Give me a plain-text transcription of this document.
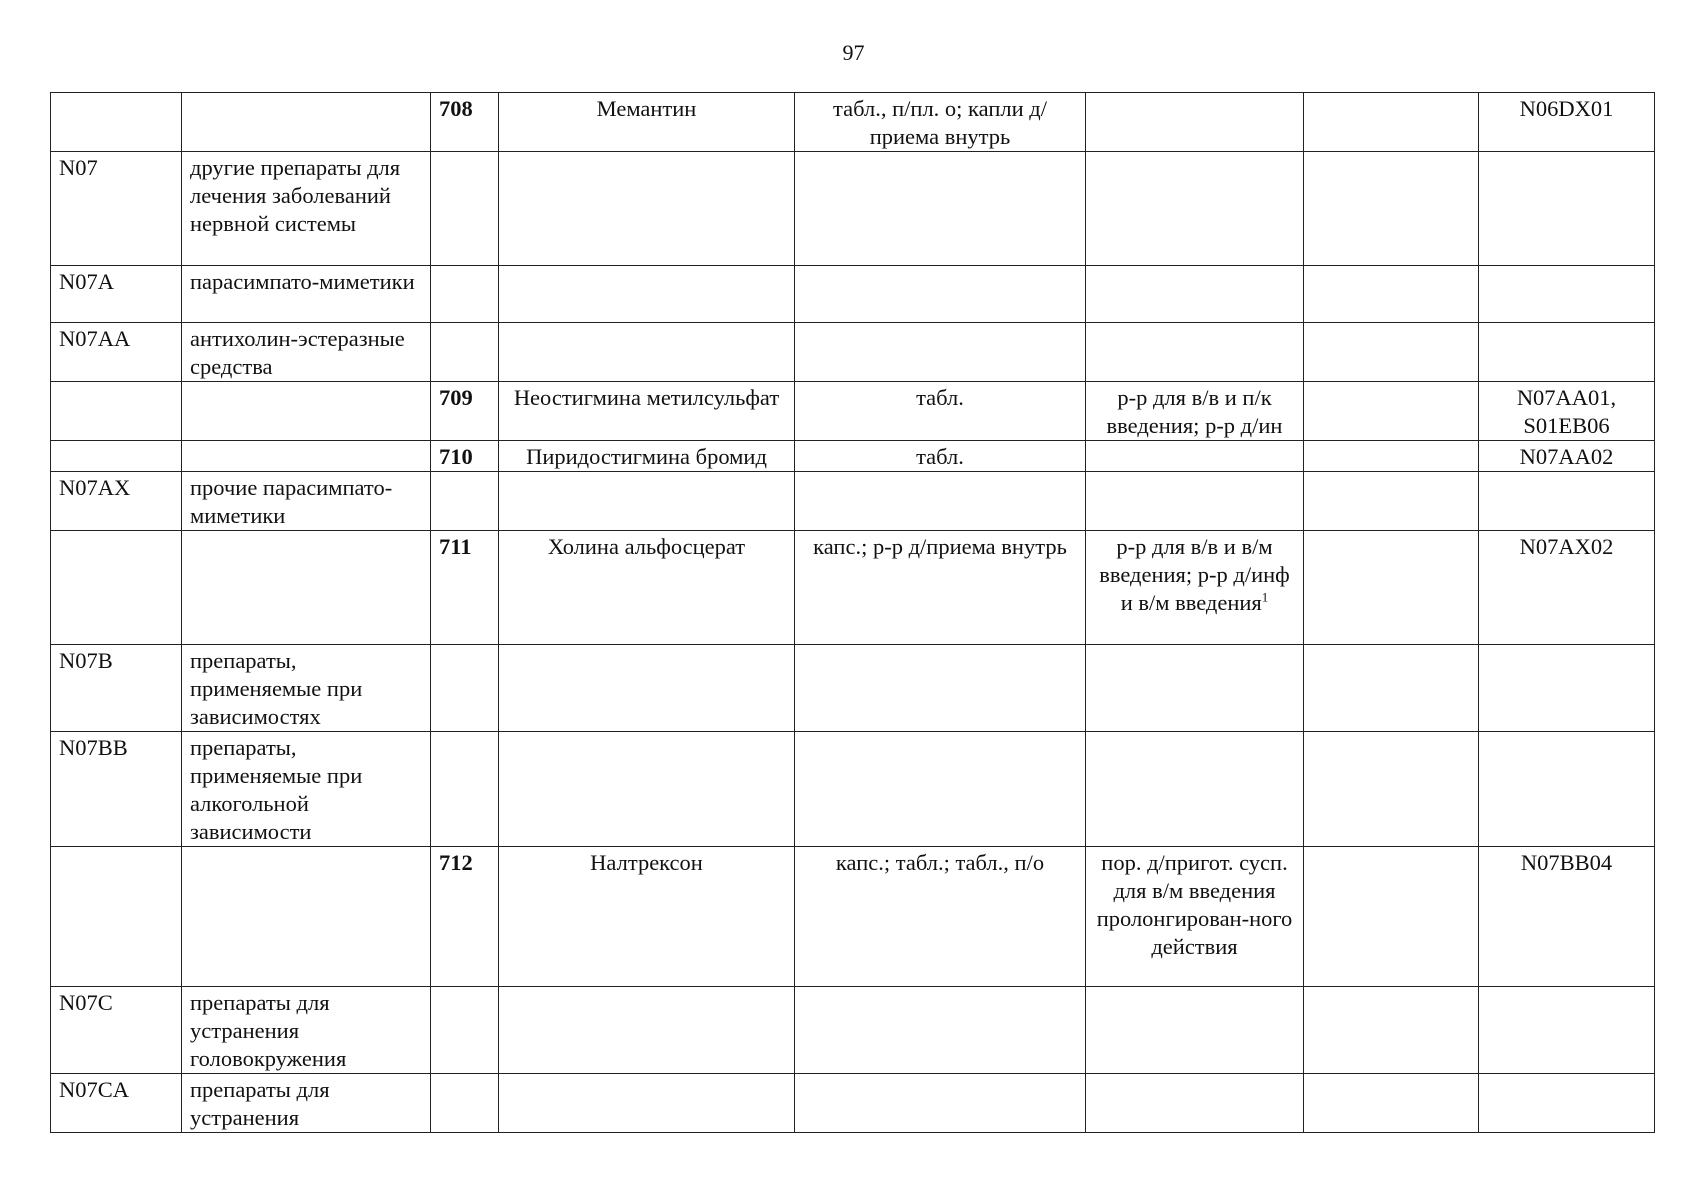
97
		708	Мемантин	табл., п/пл. о; капли д/приема внутрь			N06DX01
N07	другие препараты для лечения заболеваний нервной системы						
N07A	парасимпато-миметики						
N07AA	антихолин-эстеразные средства						
		709	Неостигмина метилсульфат	табл.	р-р для в/в и п/к введения; р-р д/ин		N07AA01, S01EB06
		710	Пиридостигмина бромид	табл.			N07AA02
N07AX	прочие парасимпато-миметики						
		711	Холина альфосцерат	капс.; р-р д/приема внутрь	р-р для в/в и в/м введения; р-р д/инф и в/м введения$^1$		N07AX02
N07B	препараты, применяемые при зависимостях						
N07BB	препараты, применяемые при алкогольной зависимости						
		712	Налтрексон	капс.; табл.; табл., п/о	пор. д/пригот. сусп. для в/м введения пролонгирован-ного действия		N07BB04
N07C	препараты для устранения головокружения						
N07CA	препараты для устранения						
